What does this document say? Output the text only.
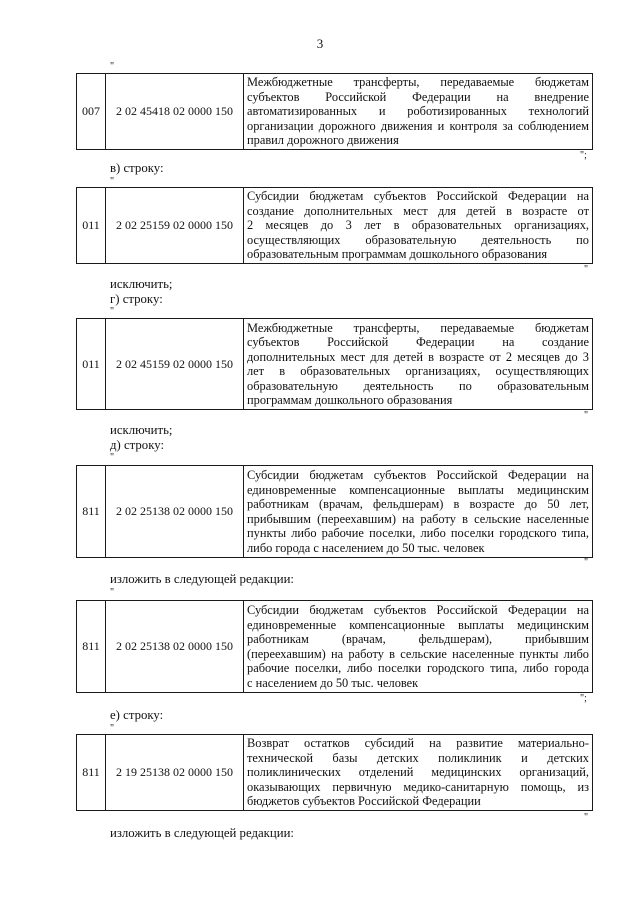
3
"
007	2 02 45418 02 0000 150	
Межбюджетные трансферты, передаваемые бюджетам
субъектов Российской Федерации на внедрение
автоматизированных и роботизированных технологий
организации дорожного движения и контроля за соблюдением
правил дорожного движения
";
в) строку:
"
011	2 02 25159 02 0000 150	
Субсидии бюджетам субъектов Российской Федерации на
создание дополнительных мест для детей в возрасте от
2 месяцев до 3 лет в образовательных организациях,
осуществляющих образовательную деятельность по
образовательным программам дошкольного образования
"
исключить;
г) строку:
"
011	2 02 45159 02 0000 150	
Межбюджетные трансферты, передаваемые бюджетам
субъектов Российской Федерации на создание
дополнительных мест для детей в возрасте от 2 месяцев до 3
лет в образовательных организациях, осуществляющих
образовательную деятельность по образовательным
программам дошкольного образования
"
исключить;
д) строку:
"
811	2 02 25138 02 0000 150	
Субсидии бюджетам субъектов Российской Федерации на
единовременные компенсационные выплаты медицинским
работникам (врачам, фельдшерам) в возрасте до 50 лет,
прибывшим (переехавшим) на работу в сельские населенные
пункты либо рабочие поселки, либо поселки городского типа,
либо города с населением до 50 тыс. человек
"
изложить в следующей редакции:
"
811	2 02 25138 02 0000 150	
Субсидии бюджетам субъектов Российской Федерации на
единовременные компенсационные выплаты медицинским
работникам (врачам, фельдшерам), прибывшим
(переехавшим) на работу в сельские населенные пункты либо
рабочие поселки, либо поселки городского типа, либо города
с населением до 50 тыс. человек
";
е) строку:
"
811	2 19 25138 02 0000 150	
Возврат остатков субсидий на развитие материально-
технической базы детских поликлиник и детских
поликлинических отделений медицинских организаций,
оказывающих первичную медико-санитарную помощь, из
бюджетов субъектов Российской Федерации
"
изложить в следующей редакции:
